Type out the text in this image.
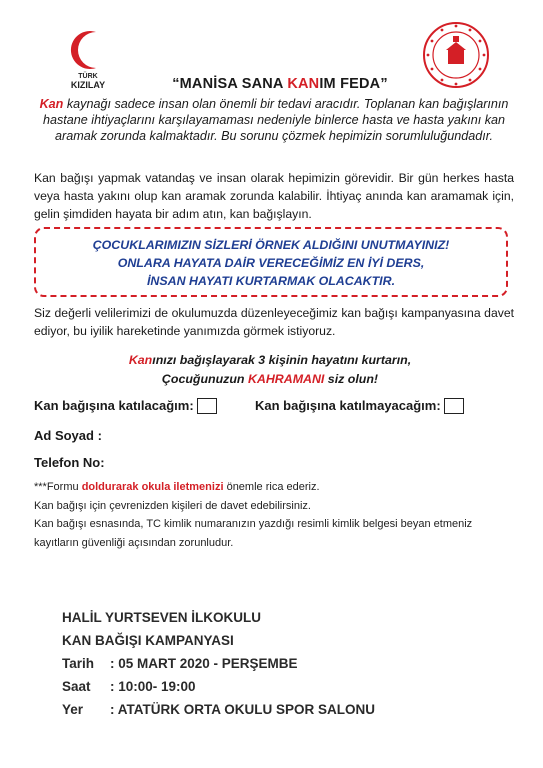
TÜRK
KIZILAY	“MANİSA SANA KANIM FEDA”
Kan kaynağı sadece insan olan önemli bir tedavi aracıdır. Toplanan kan bağışlarının hastane ihtiyaçlarını karşılayamaması nedeniyle binlerce hasta ve hasta yakını kan aramak zorunda kalmaktadır. Bu sorunu çözmek hepimizin sorumluluğundadır.
Kan bağışı yapmak vatandaş ve insan olarak hepimizin görevidir. Bir gün herkes hasta veya hasta yakını olup kan aramak zorunda kalabilir. İhtiyaç anında kan aramamak için, gelin şimdiden hayata bir adım atın, kan bağışlayın.
ÇOCUKLARIMIZIN SİZLERİ ÖRNEK ALDIĞINI UNUTMAYINIZ!
ONLARA HAYATA DAİR VERECEĞİMİZ EN İYİ DERS,
İNSAN HAYATI KURTARMAK OLACAKTIR.
Siz değerli velilerimizi de okulumuzda düzenleyeceğimiz kan bağışı kampanyasına davet ediyor, bu iyilik hareketinde yanımızda görmek istiyoruz.
Kanınızı bağışlayarak 3 kişinin hayatını kurtarın,
Çocuğunuzun KAHRAMANI siz olun!
Kan bağışına katılacağım:	Kan bağışına katılmayacağım:
Ad Soyad :
Telefon No:
***Formu doldurarak okula iletmenizi önemle rica ederiz.
Kan bağışı için çevrenizden kişileri de davet edebilirsiniz.
Kan bağışı esnasında, TC kimlik numaranızın yazdığı resimli kimlik belgesi beyan etmeniz kayıtların güvenliği açısından zorunludur.
HALİL YURTSEVEN İLKOKULU
KAN BAĞIŞI KAMPANYASI
Tarih : 05 MART 2020 - PERŞEMBE
Saat : 10:00- 19:00
Yer : ATATÜRK ORTA OKULU SPOR SALONU
